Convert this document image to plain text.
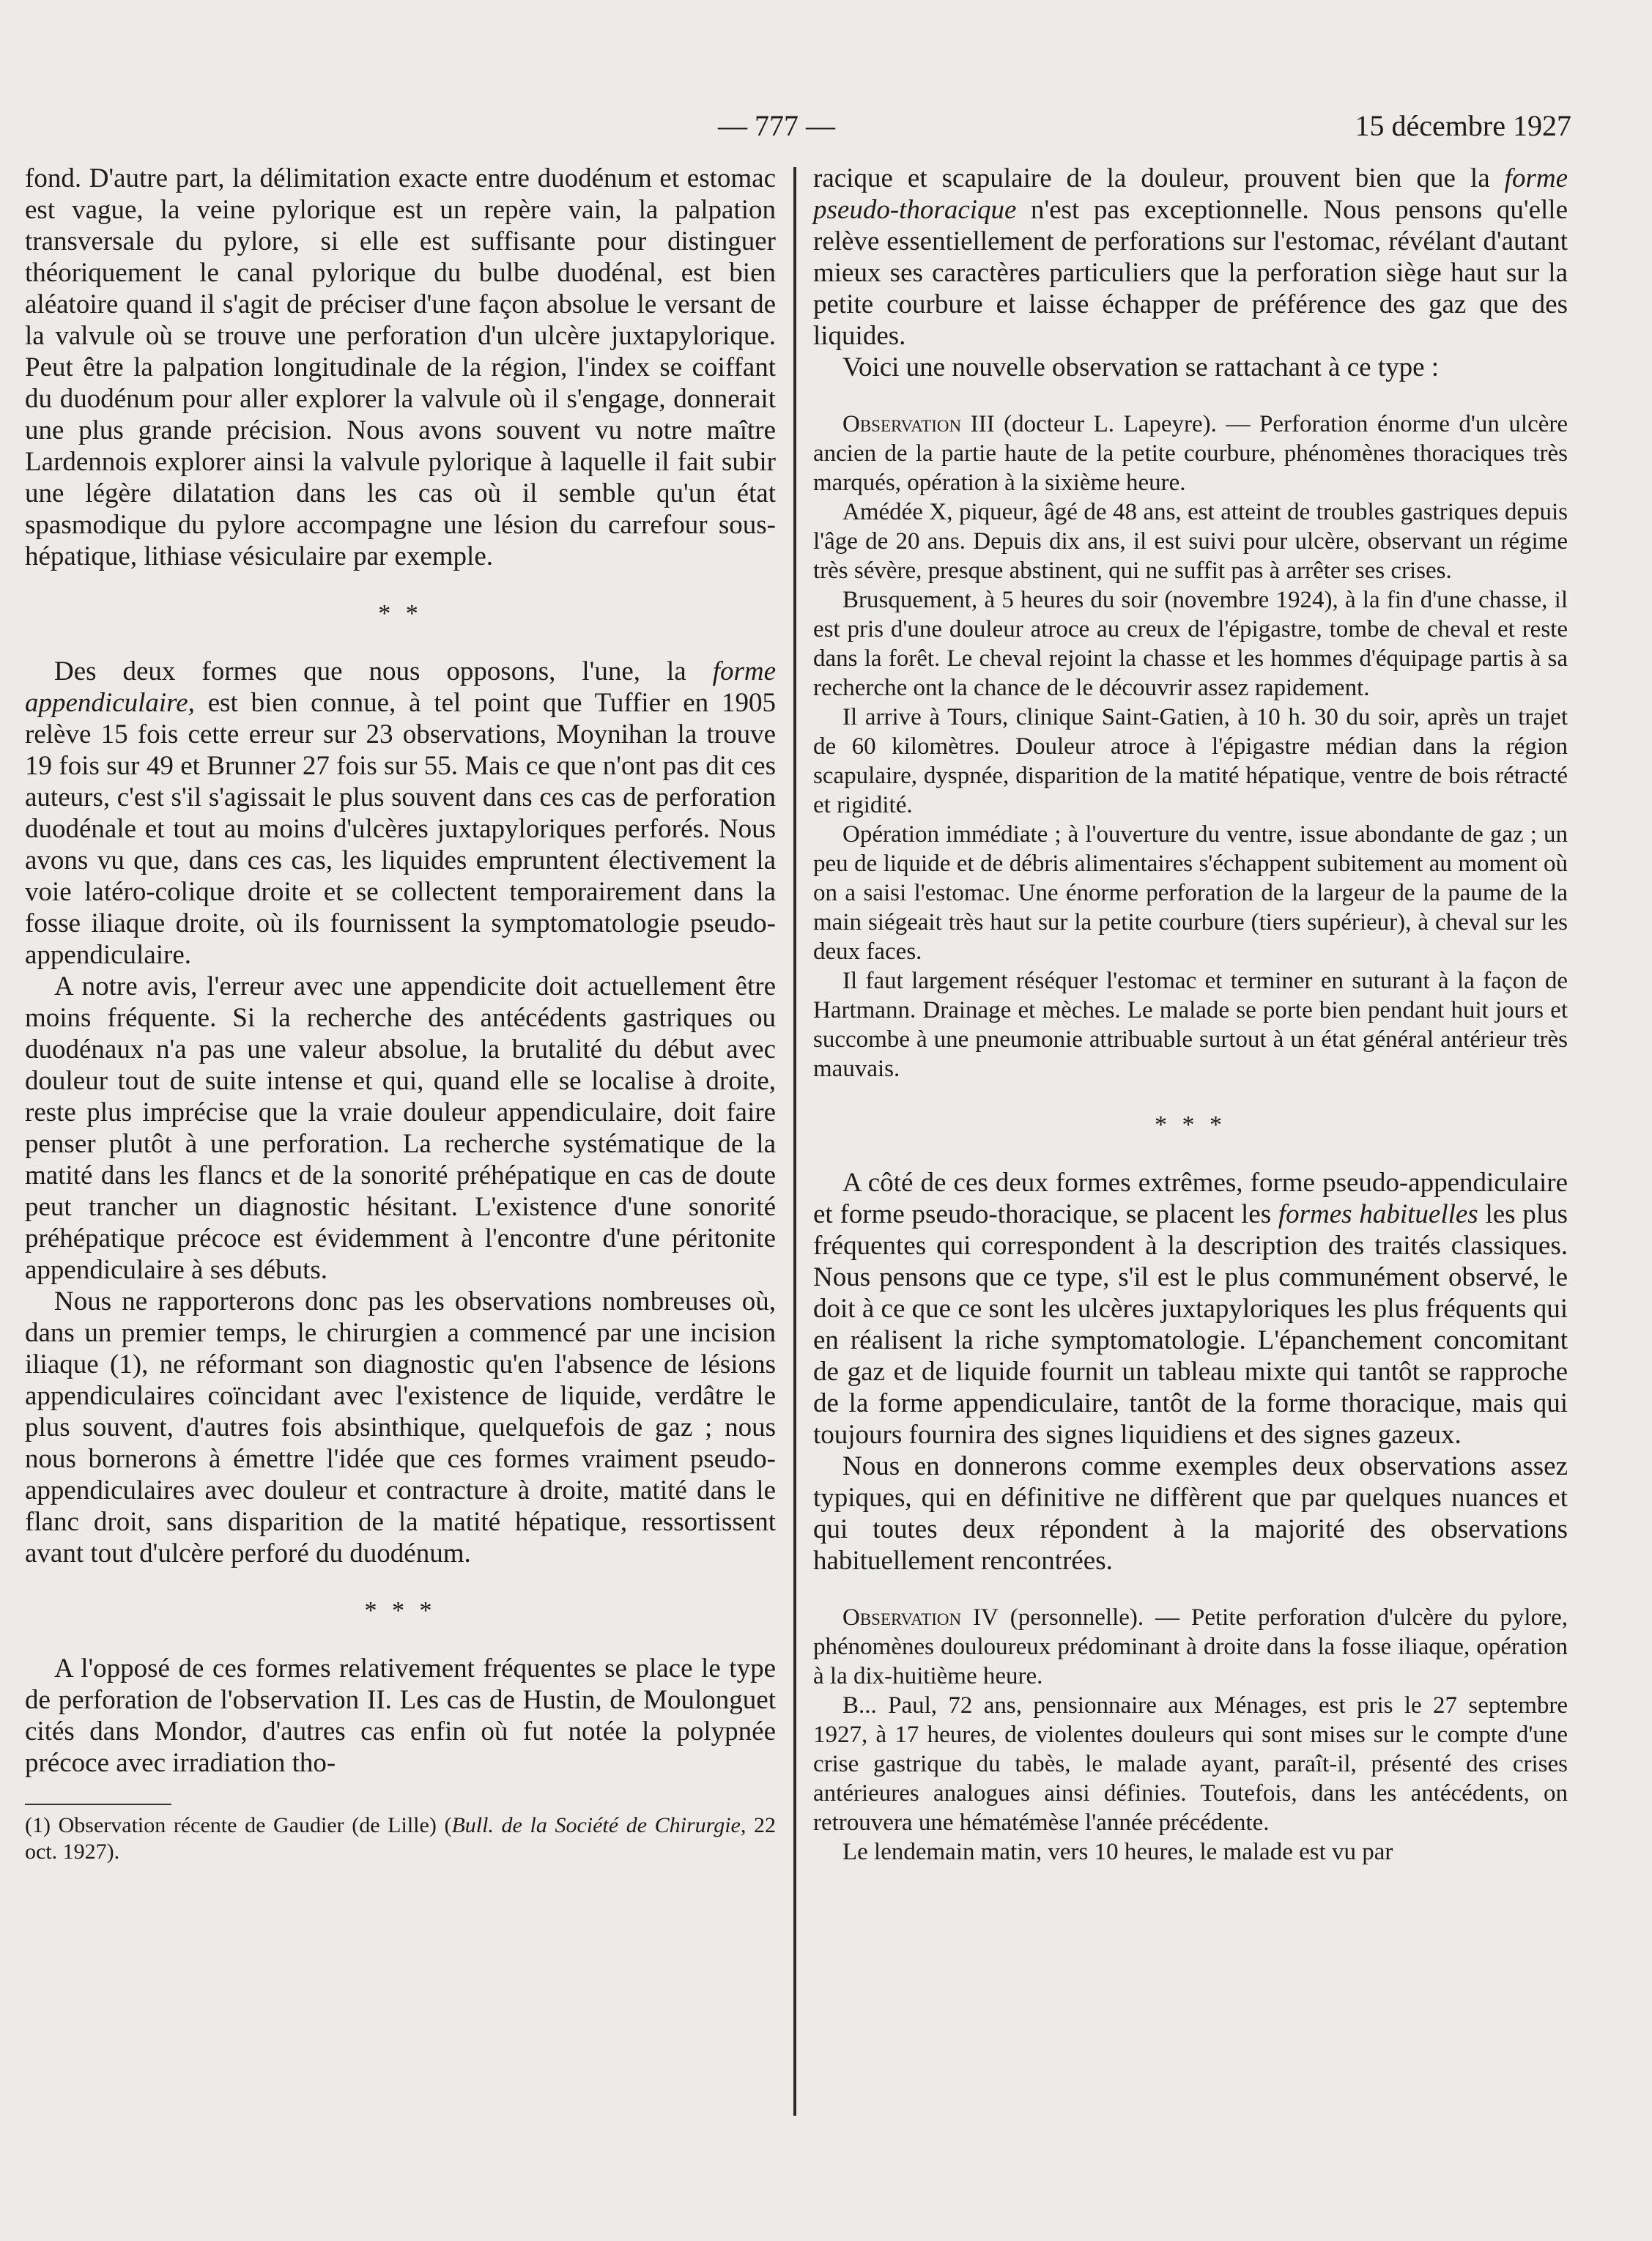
— 777 —	15 décembre 1927

fond. D'autre part, la délimitation exacte entre duodénum et estomac est vague, la veine pylorique est un repère vain, la palpation transversale du pylore, si elle est suffisante pour distinguer théoriquement le canal pylorique du bulbe duodénal, est bien aléatoire quand il s'agit de préciser d'une façon absolue le versant de la valvule où se trouve une perforation d'un ulcère juxtapylorique. Peut être la palpation longitudinale de la région, l'index se coiffant du duodénum pour aller explorer la valvule où il s'engage, donnerait une plus grande précision. Nous avons souvent vu notre maître Lardennois explorer ainsi la valvule pylorique à laquelle il fait subir une légère dilatation dans les cas où il semble qu'un état spasmodique du pylore accompagne une lésion du carrefour sous-hépatique, lithiase vésiculaire par exemple.

* *

Des deux formes que nous opposons, l'une, la forme appendiculaire, est bien connue, à tel point que Tuffier en 1905 relève 15 fois cette erreur sur 23 observations, Moynihan la trouve 19 fois sur 49 et Brunner 27 fois sur 55. Mais ce que n'ont pas dit ces auteurs, c'est s'il s'agissait le plus souvent dans ces cas de perforation duodénale et tout au moins d'ulcères juxtapyloriques perforés. Nous avons vu que, dans ces cas, les liquides empruntent électivement la voie latéro-colique droite et se collectent temporairement dans la fosse iliaque droite, où ils fournissent la symptomatologie pseudo-appendiculaire.

A notre avis, l'erreur avec une appendicite doit actuellement être moins fréquente. Si la recherche des antécédents gastriques ou duodénaux n'a pas une valeur absolue, la brutalité du début avec douleur tout de suite intense et qui, quand elle se localise à droite, reste plus imprécise que la vraie douleur appendiculaire, doit faire penser plutôt à une perforation. La recherche systématique de la matité dans les flancs et de la sonorité préhépatique en cas de doute peut trancher un diagnostic hésitant. L'existence d'une sonorité préhépatique précoce est évidemment à l'encontre d'une péritonite appendiculaire à ses débuts.

Nous ne rapporterons donc pas les observations nombreuses où, dans un premier temps, le chirurgien a commencé par une incision iliaque (1), ne réformant son diagnostic qu'en l'absence de lésions appendiculaires coïncidant avec l'existence de liquide, verdâtre le plus souvent, d'autres fois absinthique, quelquefois de gaz ; nous nous bornerons à émettre l'idée que ces formes vraiment pseudo-appendiculaires avec douleur et contracture à droite, matité dans le flanc droit, sans disparition de la matité hépatique, ressortissent avant tout d'ulcère perforé du duodénum.

* * *

A l'opposé de ces formes relativement fréquentes se place le type de perforation de l'observation II. Les cas de Hustin, de Moulonguet cités dans Mondor, d'autres cas enfin où fut notée la polypnée précoce avec irradiation tho-

(1) Observation récente de Gaudier (de Lille) (Bull. de la Société de Chirurgie, 22 oct. 1927).

racique et scapulaire de la douleur, prouvent bien que la forme pseudo-thoracique n'est pas exceptionnelle. Nous pensons qu'elle relève essentiellement de perforations sur l'estomac, révélant d'autant mieux ses caractères particuliers que la perforation siège haut sur la petite courbure et laisse échapper de préférence des gaz que des liquides.

Voici une nouvelle observation se rattachant à ce type :

Observation III (docteur L. Lapeyre). — Perforation énorme d'un ulcère ancien de la partie haute de la petite courbure, phénomènes thoraciques très marqués, opération à la sixième heure.

Amédée X, piqueur, âgé de 48 ans, est atteint de troubles gastriques depuis l'âge de 20 ans. Depuis dix ans, il est suivi pour ulcère, observant un régime très sévère, presque abstinent, qui ne suffit pas à arrêter ses crises.

Brusquement, à 5 heures du soir (novembre 1924), à la fin d'une chasse, il est pris d'une douleur atroce au creux de l'épigastre, tombe de cheval et reste dans la forêt. Le cheval rejoint la chasse et les hommes d'équipage partis à sa recherche ont la chance de le découvrir assez rapidement.

Il arrive à Tours, clinique Saint-Gatien, à 10 h. 30 du soir, après un trajet de 60 kilomètres. Douleur atroce à l'épigastre médian dans la région scapulaire, dyspnée, disparition de la matité hépatique, ventre de bois rétracté et rigidité.

Opération immédiate ; à l'ouverture du ventre, issue abondante de gaz ; un peu de liquide et de débris alimentaires s'échappent subitement au moment où on a saisi l'estomac. Une énorme perforation de la largeur de la paume de la main siégeait très haut sur la petite courbure (tiers supérieur), à cheval sur les deux faces.

Il faut largement réséquer l'estomac et terminer en suturant à la façon de Hartmann. Drainage et mèches. Le malade se porte bien pendant huit jours et succombe à une pneumonie attribuable surtout à un état général antérieur très mauvais.

* * *

A côté de ces deux formes extrêmes, forme pseudo-appendiculaire et forme pseudo-thoracique, se placent les formes habituelles les plus fréquentes qui correspondent à la description des traités classiques. Nous pensons que ce type, s'il est le plus communément observé, le doit à ce que ce sont les ulcères juxtapyloriques les plus fréquents qui en réalisent la riche symptomatologie. L'épanchement concomitant de gaz et de liquide fournit un tableau mixte qui tantôt se rapproche de la forme appendiculaire, tantôt de la forme thoracique, mais qui toujours fournira des signes liquidiens et des signes gazeux.

Nous en donnerons comme exemples deux observations assez typiques, qui en définitive ne diffèrent que par quelques nuances et qui toutes deux répondent à la majorité des observations habituellement rencontrées.

Observation IV (personnelle). — Petite perforation d'ulcère du pylore, phénomènes douloureux prédominant à droite dans la fosse iliaque, opération à la dix-huitième heure.

B... Paul, 72 ans, pensionnaire aux Ménages, est pris le 27 septembre 1927, à 17 heures, de violentes douleurs qui sont mises sur le compte d'une crise gastrique du tabès, le malade ayant, paraît-il, présenté des crises antérieures analogues ainsi définies. Toutefois, dans les antécédents, on retrouvera une hématémèse l'année précédente.

Le lendemain matin, vers 10 heures, le malade est vu par
